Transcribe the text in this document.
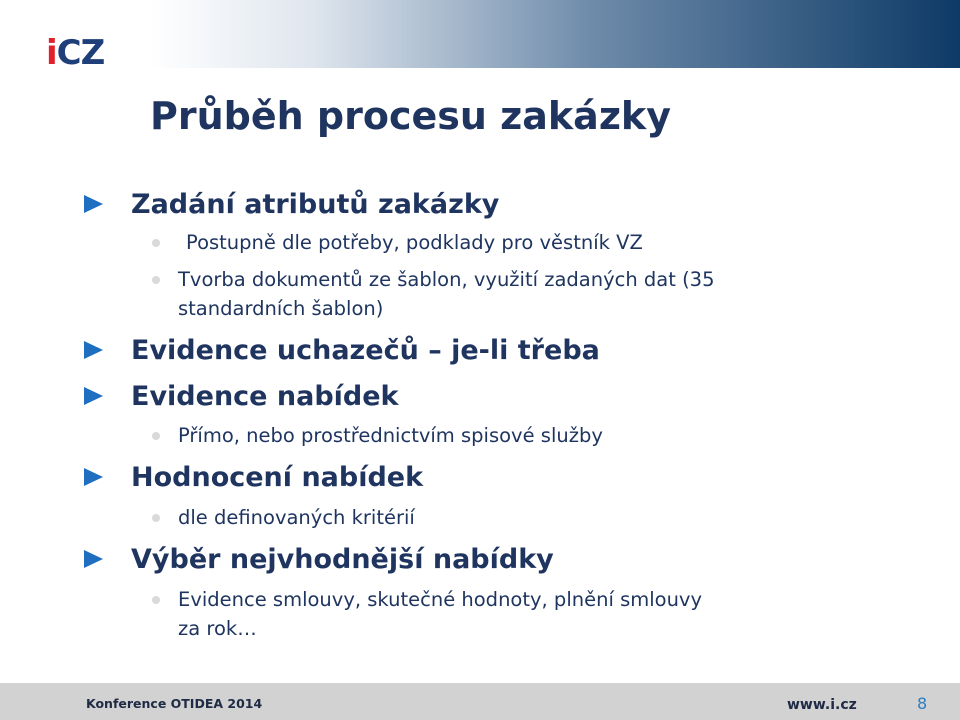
iCZ
Průběh procesu zakázky
Zadání atributů zakázky
Postupně dle potřeby, podklady pro věstník VZ
Tvorba dokumentů ze šablon, využití zadaných dat (35
standardních šablon)
Evidence uchazečů – je-li třeba
Evidence nabídek
Přímo, nebo prostřednictvím spisové služby
Hodnocení nabídek
dle definovaných kritérií
Výběr nejvhodnější nabídky
Evidence smlouvy, skutečné hodnoty, plnění smlouvy
za rok…
Konference OTIDEA 2014	www.i.cz	8
